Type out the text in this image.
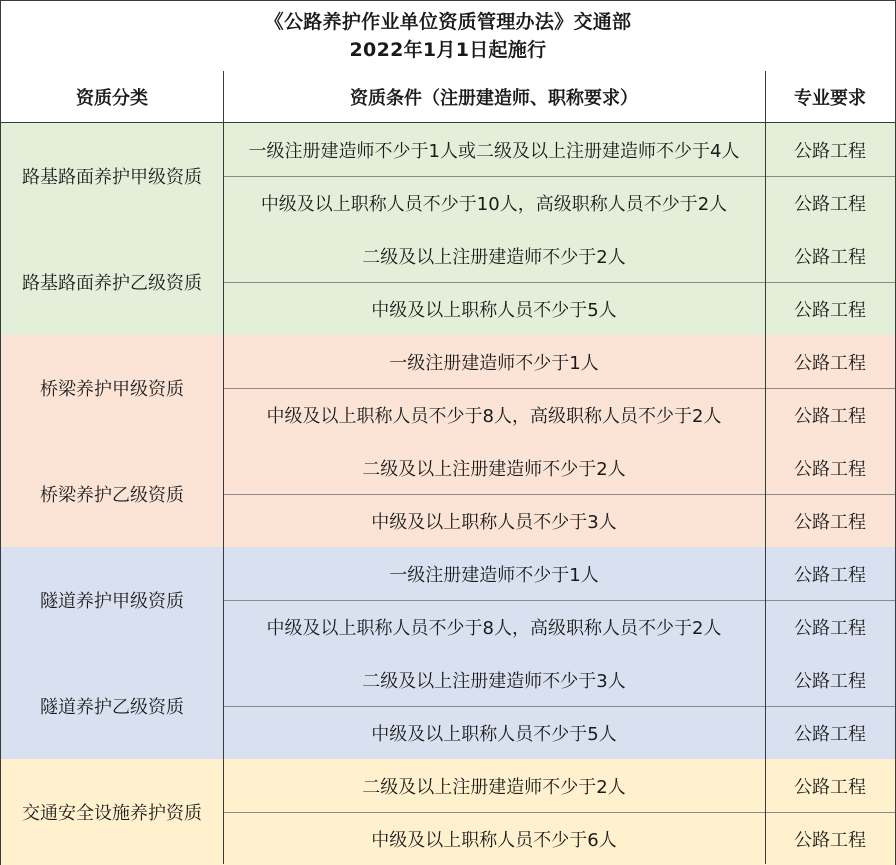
《公路养护作业单位资质管理办法》交通部
2022年1月1日起施行
资质分类	资质条件（注册建造师、职称要求）	专业要求
路基路面养护甲级资质
一级注册建造师不少于1人或二级及以上注册建造师不少于4人	公路工程
中级及以上职称人员不少于10人，高级职称人员不少于2人	公路工程
路基路面养护乙级资质
二级及以上注册建造师不少于2人	公路工程
中级及以上职称人员不少于5人	公路工程
桥梁养护甲级资质
一级注册建造师不少于1人	公路工程
中级及以上职称人员不少于8人，高级职称人员不少于2人	公路工程
桥梁养护乙级资质
二级及以上注册建造师不少于2人	公路工程
中级及以上职称人员不少于3人	公路工程
隧道养护甲级资质
一级注册建造师不少于1人	公路工程
中级及以上职称人员不少于8人，高级职称人员不少于2人	公路工程
隧道养护乙级资质
二级及以上注册建造师不少于3人	公路工程
中级及以上职称人员不少于5人	公路工程
交通安全设施养护资质
二级及以上注册建造师不少于2人	公路工程
中级及以上职称人员不少于6人	公路工程
